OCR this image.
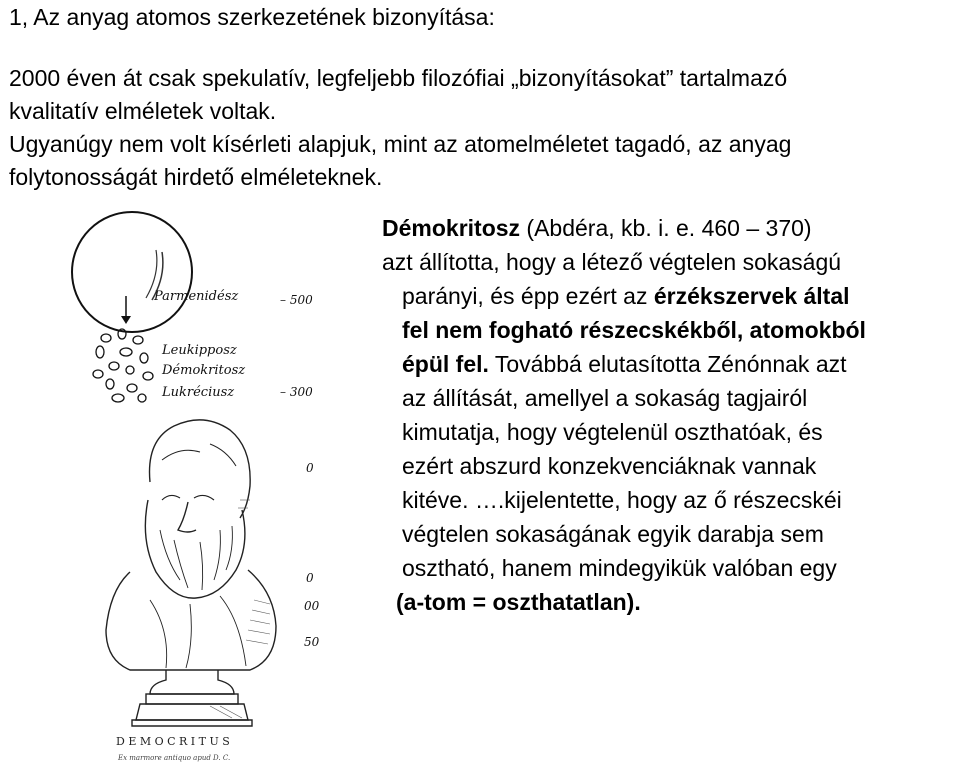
1, Az anyag atomos szerkezetének bizonyítása:
2000 éven át csak spekulatív, legfeljebb filozófiai „bizonyításokat” tartalmazó
kvalitatív elméletek voltak.
Ugyanúgy nem volt kísérleti alapjuk, mint az atomelméletet tagadó, az anyag
folytonosságát hirdető elméleteknek.
Parmenidész	– 500
Leukipposz
Démokritosz
Lukréciusz	– 300
0
0
00
50
D E M O C R I T U S
Ex marmore antiquo apud D. C.
Démokritosz (Abdéra, kb. i. e. 460 – 370)
azt állította, hogy a létező végtelen sokaságú
parányi, és épp ezért az érzékszervek által
fel nem fogható részecskékből, atomokból
épül fel. Továbbá elutasította Zénónnak azt
az állítását, amellyel a sokaság tagjairól
kimutatja, hogy végtelenül oszthatóak, és
ezért abszurd konzekvenciáknak vannak
kitéve. ….kijelentette, hogy az ő részecskéi
végtelen sokaságának egyik darabja sem
osztható, hanem mindegyikük valóban egy
(a-tom = oszthatatlan).
